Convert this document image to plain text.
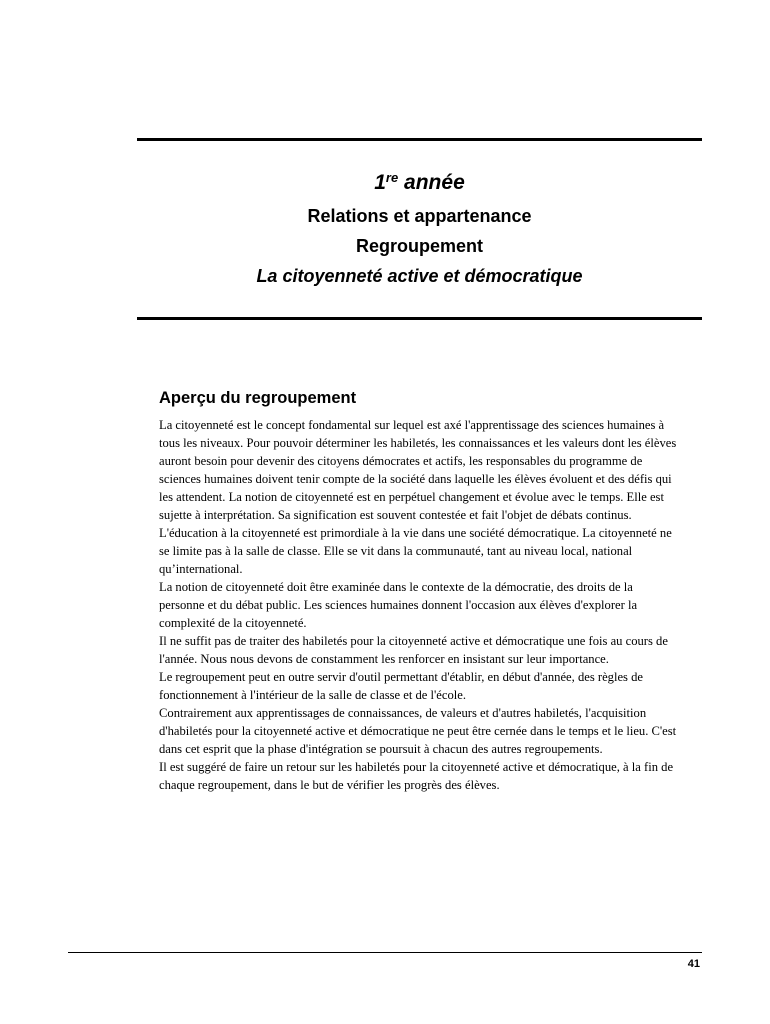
1re année
Relations et appartenance
Regroupement
La citoyenneté active et démocratique
Aperçu du regroupement

La citoyenneté est le concept fondamental sur lequel est axé l'apprentissage des sciences humaines à tous les niveaux. Pour pouvoir déterminer les habiletés, les connaissances et les valeurs dont les élèves auront besoin pour devenir des citoyens démocrates et actifs, les responsables du programme de sciences humaines doivent tenir compte de la société dans laquelle les élèves évoluent et des défis qui les attendent. La notion de citoyenneté est en perpétuel changement et évolue avec le temps. Elle est sujette à interprétation. Sa signification est souvent contestée et fait l'objet de débats continus.

L'éducation à la citoyenneté est primordiale à la vie dans une société démocratique. La citoyenneté ne se limite pas à la salle de classe. Elle se vit dans la communauté, tant au niveau local, national qu’international.

La notion de citoyenneté doit être examinée dans le contexte de la démocratie, des droits de la personne et du débat public. Les sciences humaines donnent l'occasion aux élèves d'explorer la complexité de la citoyenneté.

Il ne suffit pas de traiter des habiletés pour la citoyenneté active et démocratique une fois au cours de l'année. Nous nous devons de constamment les renforcer en insistant sur leur importance.

Le regroupement peut en outre servir d'outil permettant d'établir, en début d'année, des règles de fonctionnement à l'intérieur de la salle de classe et de l'école.

Contrairement aux apprentissages de connaissances, de valeurs et d'autres habiletés, l'acquisition d'habiletés pour la citoyenneté active et démocratique ne peut être cernée dans le temps et le lieu. C'est dans cet esprit que la phase d'intégration se poursuit à chacun des autres regroupements.

Il est suggéré de faire un retour sur les habiletés pour la citoyenneté active et démocratique, à la fin de chaque regroupement, dans le but de vérifier les progrès des élèves.

41
